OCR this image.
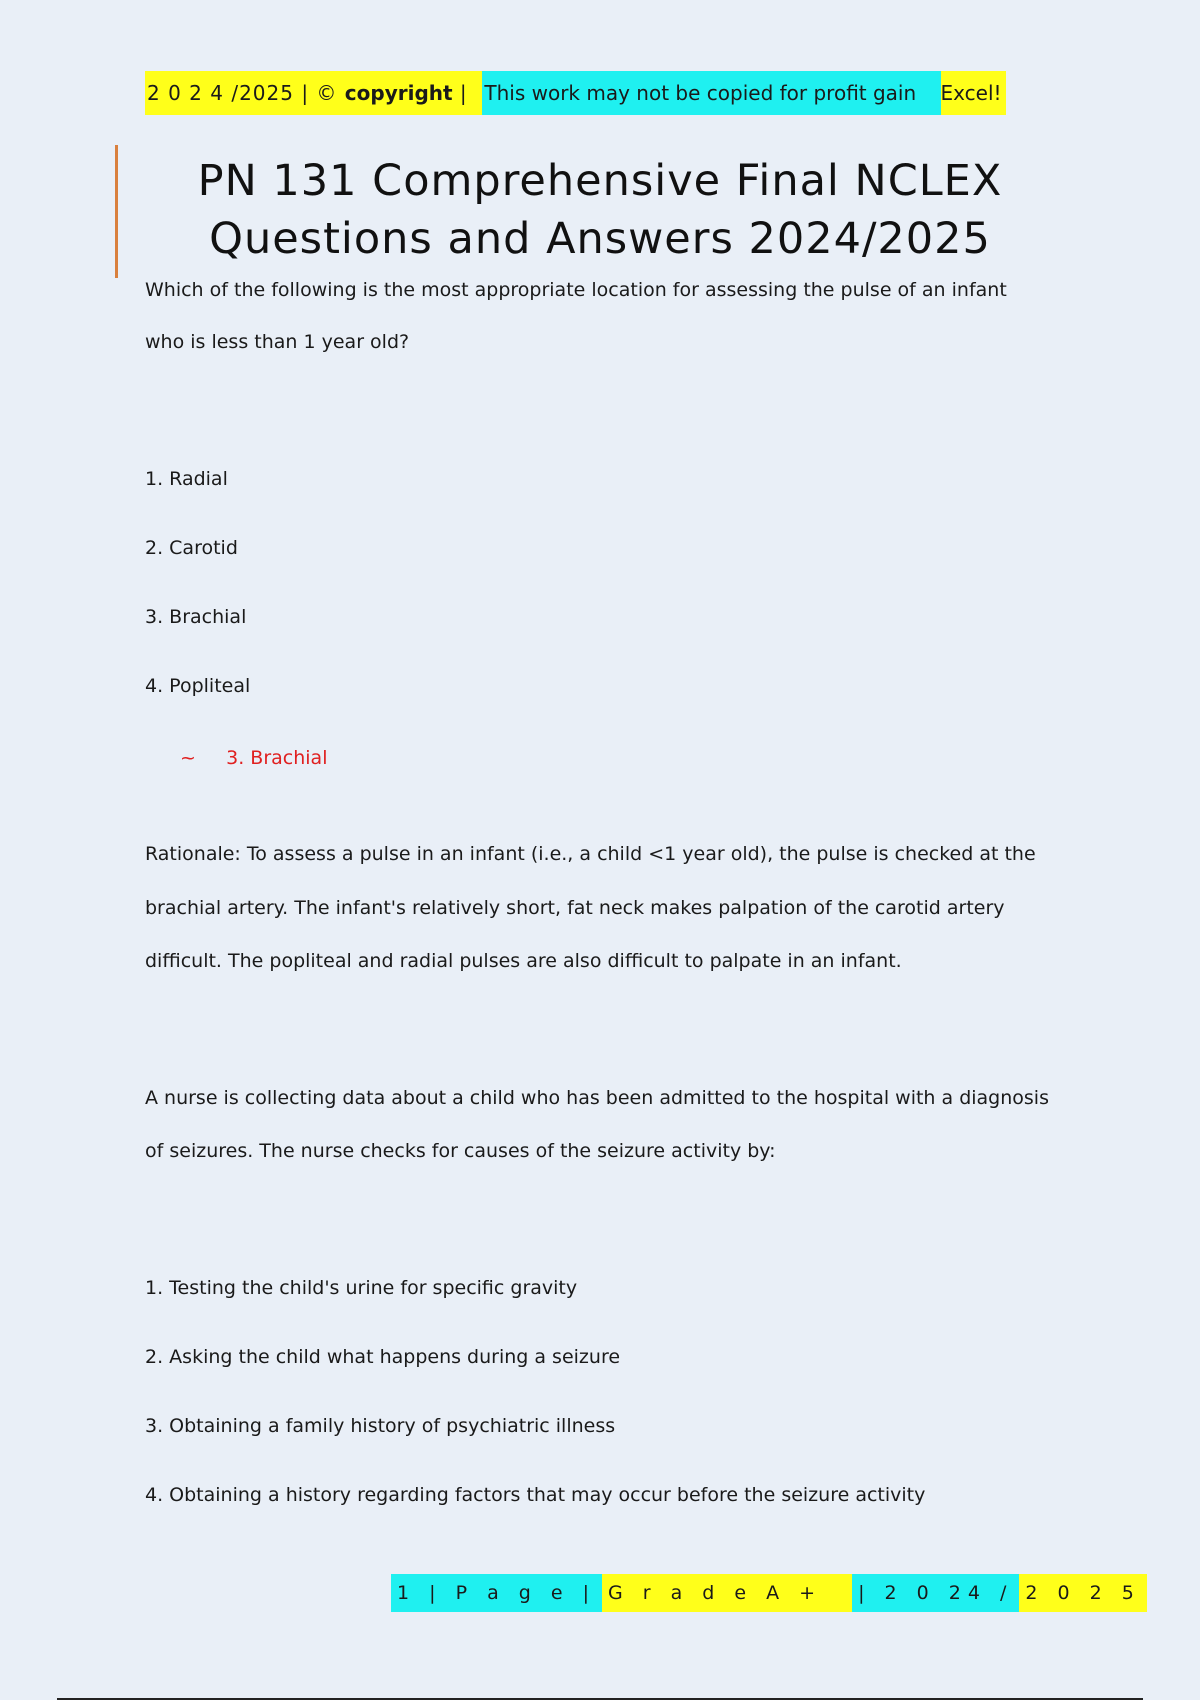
2 0 2 4 /2025 | © copyright | This work may not be copied for profit gain Excel!
PN 131 Comprehensive Final NCLEX
Questions and Answers 2024/2025
Which of the following is the most appropriate location for assessing the pulse of an infant
who is less than 1 year old?
1. Radial
2. Carotid
3. Brachial
4. Popliteal
~ 3. Brachial
Rationale: To assess a pulse in an infant (i.e., a child <1 year old), the pulse is checked at the
brachial artery. The infant's relatively short, fat neck makes palpation of the carotid artery
difficult. The popliteal and radial pulses are also difficult to palpate in an infant.
A nurse is collecting data about a child who has been admitted to the hospital with a diagnosis
of seizures. The nurse checks for causes of the seizure activity by:
1. Testing the child's urine for specific gravity
2. Asking the child what happens during a seizure
3. Obtaining a family history of psychiatric illness
4. Obtaining a history regarding factors that may occur before the seizure activity
1 | P a g e | G r a d e A + | 2 0 24 / 2 0 2 5
